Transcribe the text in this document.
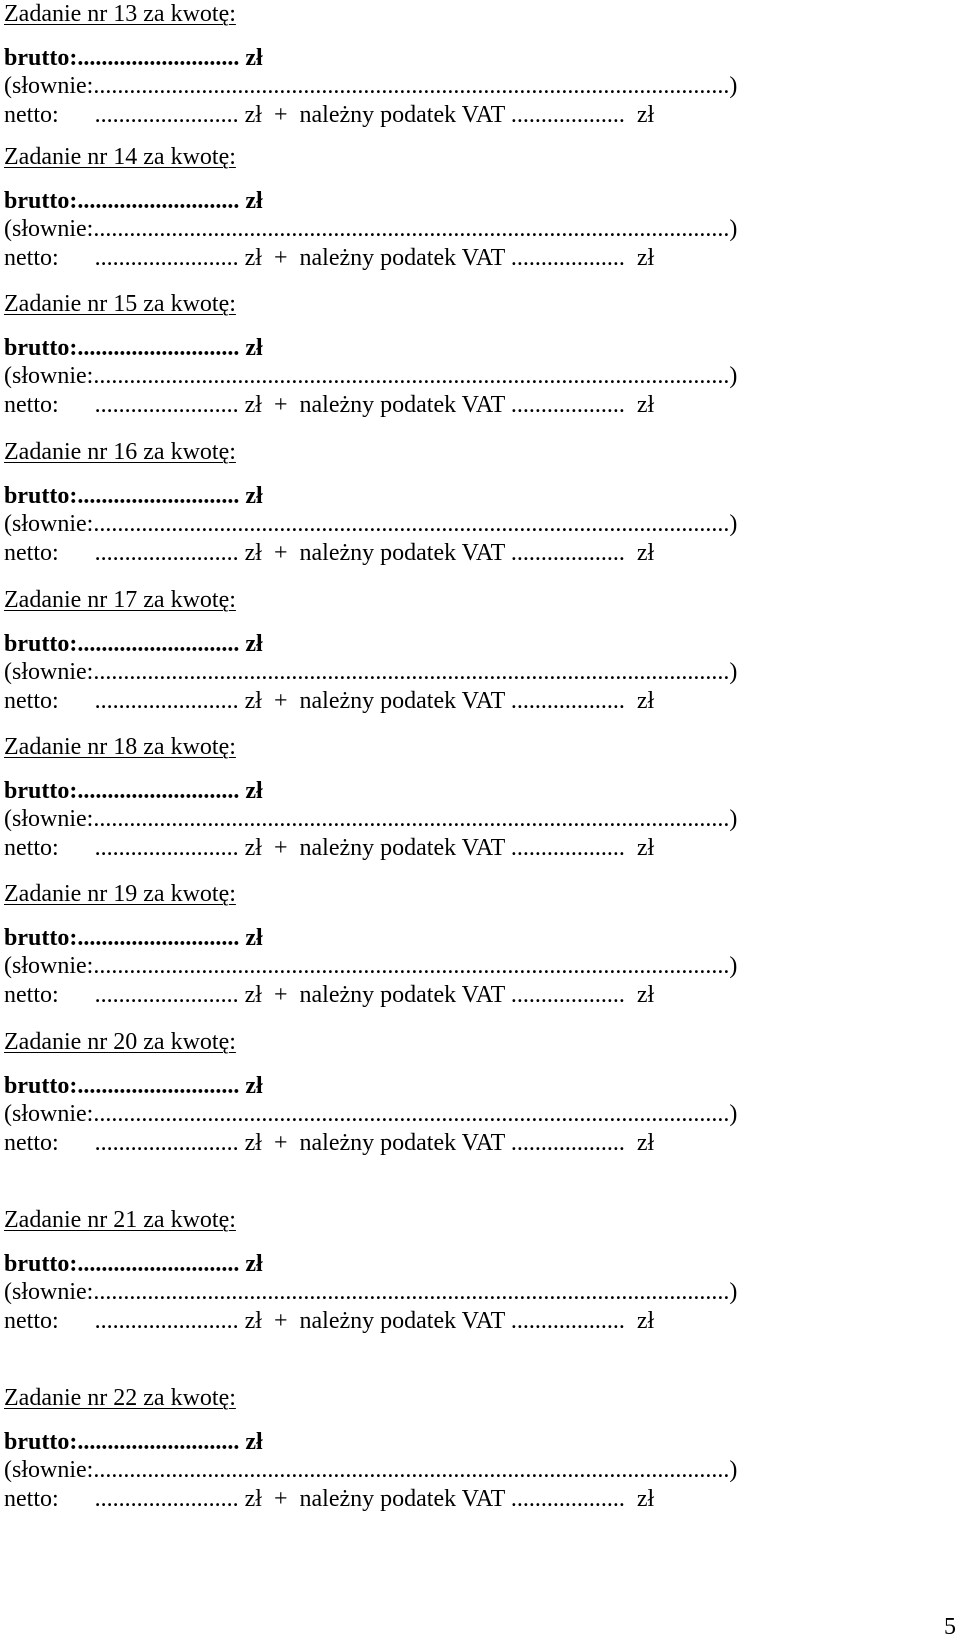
Zadanie nr 13 za kwotę:
brutto:........................... zł
(słownie:..........................................................................................................)
netto:      ........................ zł  +  należny podatek VAT ...................  zł
Zadanie nr 14 za kwotę:
brutto:........................... zł
(słownie:..........................................................................................................)
netto:      ........................ zł  +  należny podatek VAT ...................  zł
Zadanie nr 15 za kwotę:
brutto:........................... zł
(słownie:..........................................................................................................)
netto:      ........................ zł  +  należny podatek VAT ...................  zł
Zadanie nr 16 za kwotę:
brutto:........................... zł
(słownie:..........................................................................................................)
netto:      ........................ zł  +  należny podatek VAT ...................  zł
Zadanie nr 17 za kwotę:
brutto:........................... zł
(słownie:..........................................................................................................)
netto:      ........................ zł  +  należny podatek VAT ...................  zł
Zadanie nr 18 za kwotę:
brutto:........................... zł
(słownie:..........................................................................................................)
netto:      ........................ zł  +  należny podatek VAT ...................  zł
Zadanie nr 19 za kwotę:
brutto:........................... zł
(słownie:..........................................................................................................)
netto:      ........................ zł  +  należny podatek VAT ...................  zł
Zadanie nr 20 za kwotę:
brutto:........................... zł
(słownie:..........................................................................................................)
netto:      ........................ zł  +  należny podatek VAT ...................  zł
Zadanie nr 21 za kwotę:
brutto:........................... zł
(słownie:..........................................................................................................)
netto:      ........................ zł  +  należny podatek VAT ...................  zł
Zadanie nr 22 za kwotę:
brutto:........................... zł
(słownie:..........................................................................................................)
netto:      ........................ zł  +  należny podatek VAT ...................  zł
5
